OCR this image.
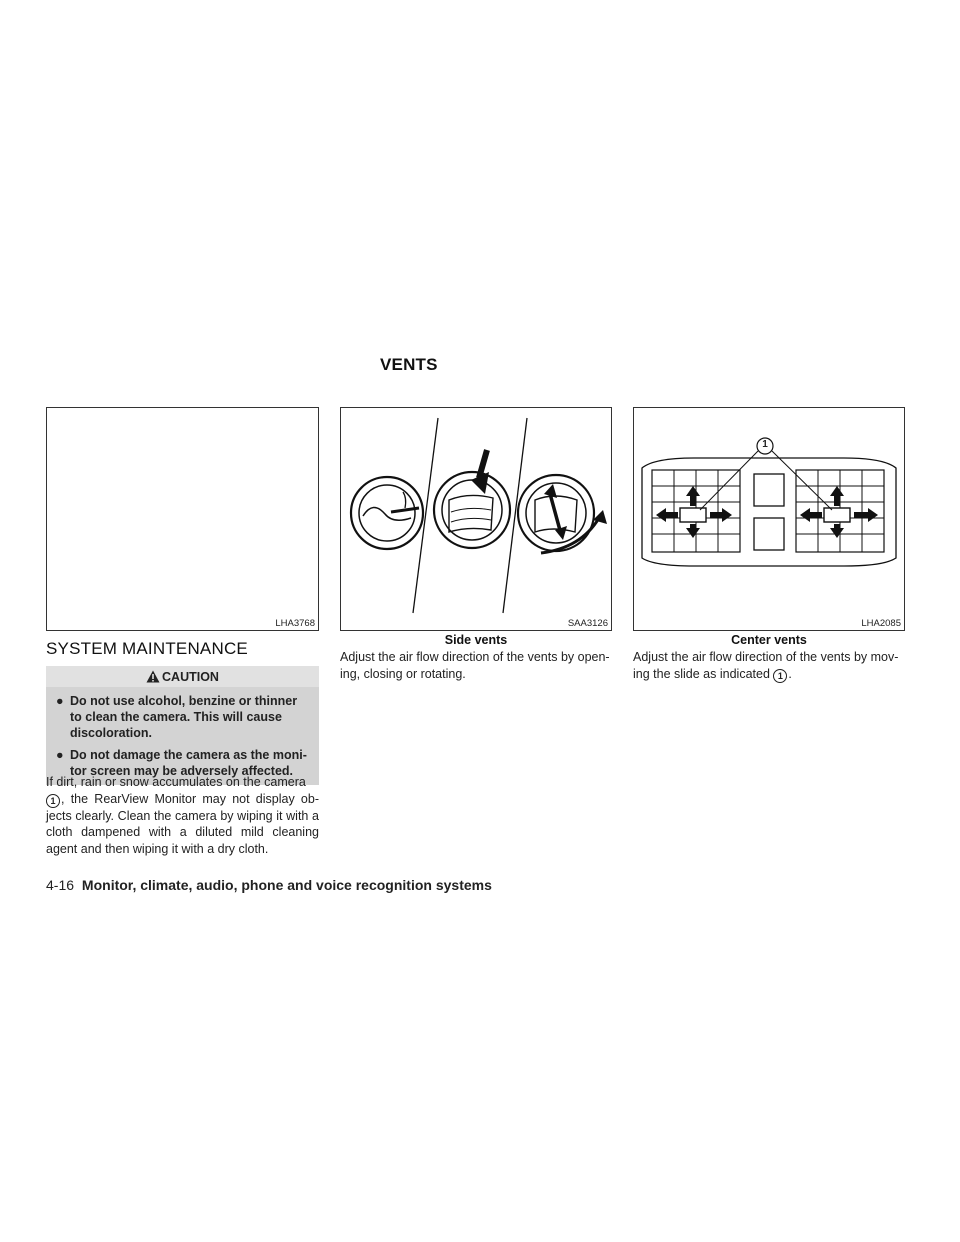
VENTS
LHA3768
SYSTEM MAINTENANCE
CAUTION
● Do not use alcohol, benzine or thinner to clean the camera. This will cause discoloration.
● Do not damage the camera as the moni-tor screen may be adversely affected.
If dirt, rain or snow accumulates on the camera
1 , the RearView Monitor may not display ob-jects clearly. Clean the camera by wiping it with a cloth dampened with a diluted mild cleaning agent and then wiping it with a dry cloth.
SAA3126
Side vents
Adjust the air flow direction of the vents by open-ing, closing or rotating.
1
LHA2085
Center vents
Adjust the air flow direction of the vents by mov-ing the slide as indicated 1 .
4-16 Monitor, climate, audio, phone and voice recognition systems
